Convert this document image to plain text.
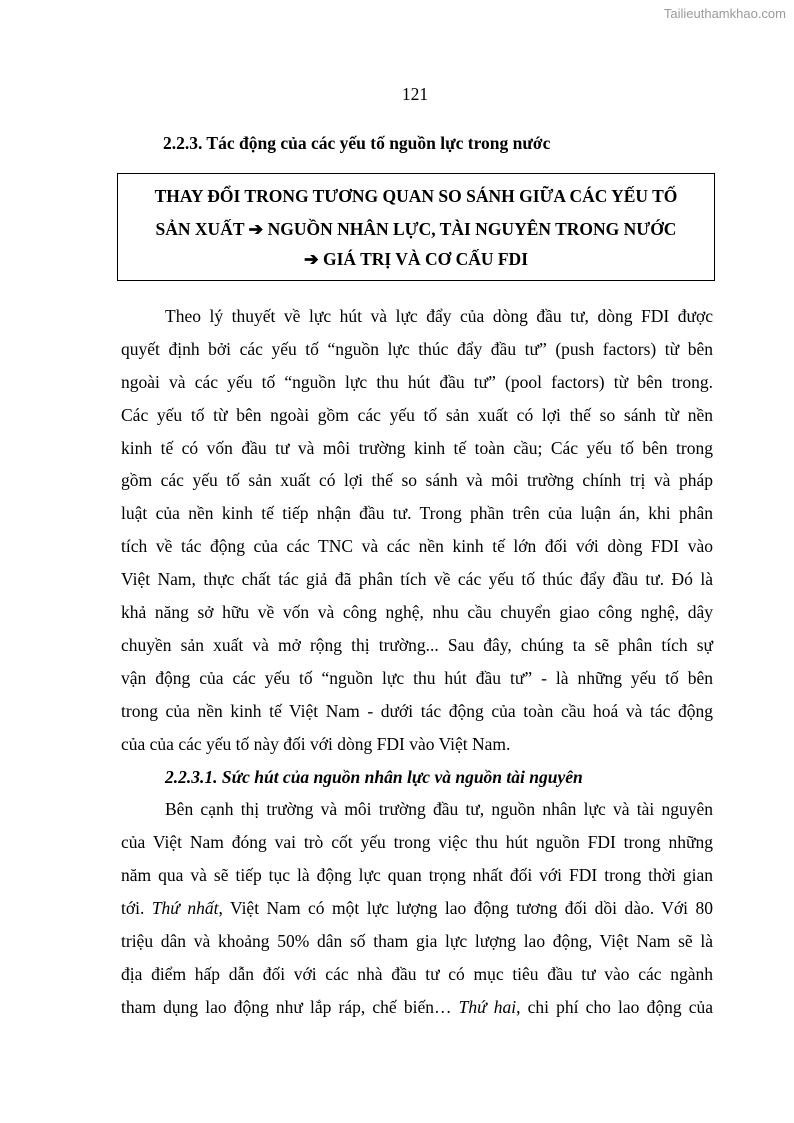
Tailieuthamkhao.com
121
2.2.3. Tác động của các yếu tố nguồn lực trong nước
THAY ĐỔI TRONG TƯƠNG QUAN SO SÁNH GIỮA CÁC YẾU TỐ
SẢN XUẤT ➔ NGUỒN NHÂN LỰC, TÀI NGUYÊN TRONG NƯỚC
➔ GIÁ TRỊ VÀ CƠ CẤU FDI
Theo lý thuyết về lực hút và lực đẩy của dòng đầu tư, dòng FDI được
quyết định bởi các yếu tố “nguồn lực thúc đẩy đầu tư” (push factors) từ bên
ngoài và các yếu tố “nguồn lực thu hút đầu tư” (pool factors) từ bên trong.
Các yếu tố từ bên ngoài gồm các yếu tố sản xuất có lợi thế so sánh từ nền
kinh tế có vốn đầu tư và môi trường kinh tế toàn cầu; Các yếu tố bên trong
gồm các yếu tố sản xuất có lợi thế so sánh và môi trường chính trị và pháp
luật của nền kinh tế tiếp nhận đầu tư. Trong phần trên của luận án, khi phân
tích về tác động của các TNC và các nền kinh tế lớn đối với dòng FDI vào
Việt Nam, thực chất tác giả đã phân tích về các yếu tố thúc đẩy đầu tư. Đó là
khả năng sở hữu về vốn và công nghệ, nhu cầu chuyển giao công nghệ, dây
chuyền sản xuất và mở rộng thị trường... Sau đây, chúng ta sẽ phân tích sự
vận động của các yếu tố “nguồn lực thu hút đầu tư” - là những yếu tố bên
trong của nền kinh tế Việt Nam - dưới tác động của toàn cầu hoá và tác động
của của các yếu tố này đối với dòng FDI vào Việt Nam.
2.2.3.1. Sức hút của nguồn nhân lực và nguồn tài nguyên
Bên cạnh thị trường và môi trường đầu tư, nguồn nhân lực và tài nguyên
của Việt Nam đóng vai trò cốt yếu trong việc thu hút nguồn FDI trong những
năm qua và sẽ tiếp tục là động lực quan trọng nhất đối với FDI trong thời gian
tới. Thứ nhất, Việt Nam có một lực lượng lao động tương đối dồi dào. Với 80
triệu dân và khoảng 50% dân số tham gia lực lượng lao động, Việt Nam sẽ là
địa điểm hấp dẫn đối với các nhà đầu tư có mục tiêu đầu tư vào các ngành
tham dụng lao động như lắp ráp, chế biến… Thứ hai, chi phí cho lao động của
